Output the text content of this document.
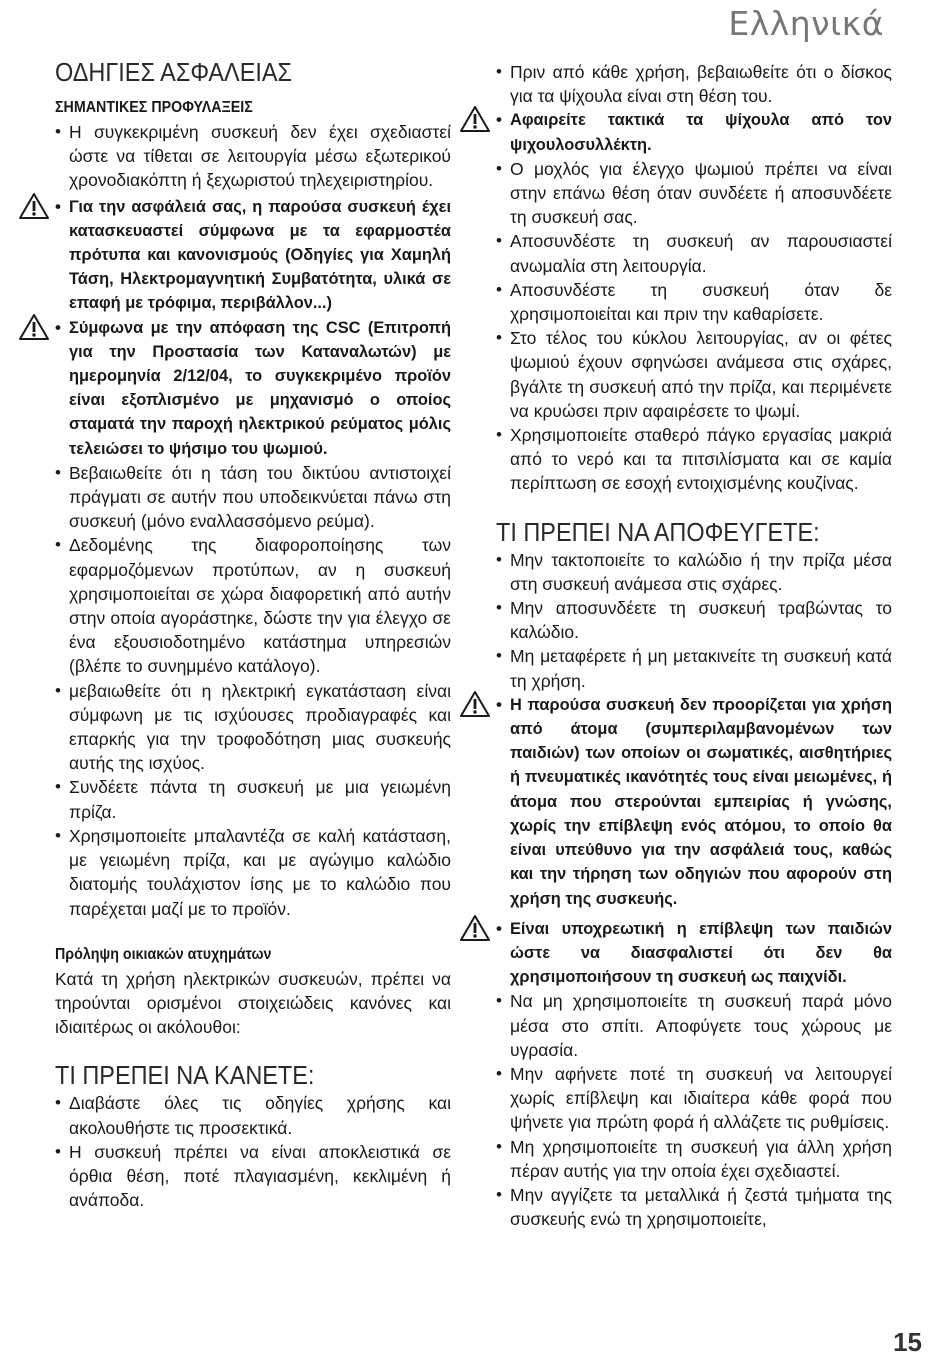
Ελληνικά
ΟΔΗΓΙΕΣ ΑΣΦΑΛΕΙΑΣ
ΣΗΜΑΝΤΙΚΕΣ ΠΡΟΦΥΛΑΞΕΙΣ
• Η συγκεκριμένη συσκευή δεν έχει σχεδιαστεί ώστε να τίθεται σε λειτουργία μέσω εξωτερικού χρονοδιακόπτη ή ξεχωριστού τηλεχειριστηρίου.
• Για την ασφάλειά σας, η παρούσα συσκευή έχει κατασκευαστεί σύμφωνα με τα εφαρμοστέα πρότυπα και κανονισμούς (Οδηγίες για Χαμηλή Τάση, Ηλεκτρομαγνητική Συμβατότητα, υλικά σε επαφή με τρόφιμα, περιβάλλον...)
• Σύμφωνα με την απόφαση της CSC (Επιτροπή για την Προστασία των Καταναλωτών) με ημερομηνία 2/12/04, το συγκεκριμένο προϊόν είναι εξοπλισμένο με μηχανισμό ο οποίος σταματά την παροχή ηλεκτρικού ρεύματος μόλις τελειώσει το ψήσιμο του ψωμιού.
• Βεβαιωθείτε ότι η τάση του δικτύου αντιστοιχεί πράγματι σε αυτήν που υποδεικνύεται πάνω στη συσκευή (μόνο εναλλασσόμενο ρεύμα).
• Δεδομένης της διαφοροποίησης των εφαρμοζόμενων προτύπων, αν η συσκευή χρησιμοποιείται σε χώρα διαφορετική από αυτήν στην οποία αγοράστηκε, δώστε την για έλεγχο σε ένα εξουσιοδοτημένο κατάστημα υπηρεσιών (βλέπε το συνημμένο κατάλογο).
• μεβαιωθείτε ότι η ηλεκτρική εγκατάσταση είναι σύμφωνη με τις ισχύουσες προδιαγραφές και επαρκής για την τροφοδότηση μιας συσκευής αυτής της ισχύος.
• Συνδέετε πάντα τη συσκευή με μια γειωμένη πρίζα.
• Χρησιμοποιείτε μπαλαντέζα σε καλή κατάσταση, με γειωμένη πρίζα, και με αγώγιμο καλώδιο διατομής τουλάχιστον ίσης με το καλώδιο που παρέχεται μαζί με το προϊόν.
Πρόληψη οικιακών ατυχημάτων
Κατά τη χρήση ηλεκτρικών συσκευών, πρέπει να τηρούνται ορισμένοι στοιχειώδεις κανόνες και ιδιαιτέρως οι ακόλουθοι:
ΤΙ ΠΡΕΠΕΙ ΝΑ ΚΑΝΕΤΕ:
• Διαβάστε όλες τις οδηγίες χρήσης και ακολουθήστε τις προσεκτικά.
• Η συσκευή πρέπει να είναι αποκλειστικά σε όρθια θέση, ποτέ πλαγιασμένη, κεκλιμένη ή ανάποδα.
• Πριν από κάθε χρήση, βεβαιωθείτε ότι ο δίσκος για τα ψίχουλα είναι στη θέση του.
• Αφαιρείτε τακτικά τα ψίχουλα από τον ψιχουλοσυλλέκτη.
• Ο μοχλός για έλεγχο ψωμιού πρέπει να είναι στην επάνω θέση όταν συνδέετε ή αποσυνδέετε τη συσκευή σας.
• Αποσυνδέστε τη συσκευή αν παρουσιαστεί ανωμαλία στη λειτουργία.
• Αποσυνδέστε τη συσκευή όταν δε χρησιμοποιείται και πριν την καθαρίσετε.
• Στο τέλος του κύκλου λειτουργίας, αν οι φέτες ψωμιού έχουν σφηνώσει ανάμεσα στις σχάρες, βγάλτε τη συσκευή από την πρίζα, και περιμένετε να κρυώσει πριν αφαιρέσετε το ψωμί.
• Χρησιμοποιείτε σταθερό πάγκο εργασίας μακριά από το νερό και τα πιτσιλίσματα και σε καμία περίπτωση σε εσοχή εντοιχισμένης κουζίνας.
ΤΙ ΠΡΕΠΕΙ ΝΑ ΑΠΟΦΕΥΓΕΤΕ:
• Μην τακτοποιείτε το καλώδιο ή την πρίζα μέσα στη συσκευή ανάμεσα στις σχάρες.
• Μην αποσυνδέετε τη συσκευή τραβώντας το καλώδιο.
• Μη μεταφέρετε ή μη μετακινείτε τη συσκευή κατά τη χρήση.
• Η παρούσα συσκευή δεν προορίζεται για χρήση από άτομα (συμπεριλαμβανομένων των παιδιών) των οποίων οι σωματικές, αισθητήριες ή πνευματικές ικανότητές τους είναι μειωμένες, ή άτομα που στερούνται εμπειρίας ή γνώσης, χωρίς την επίβλεψη ενός ατόμου, το οποίο θα είναι υπεύθυνο για την ασφάλειά τους, καθώς και την τήρηση των οδηγιών που αφορούν στη χρήση της συσκευής.
• Είναι υποχρεωτική η επίβλεψη των παιδιών ώστε να διασφαλιστεί ότι δεν θα χρησιμοποιήσουν τη συσκευή ως παιχνίδι.
• Να μη χρησιμοποιείτε τη συσκευή παρά μόνο μέσα στο σπίτι. Αποφύγετε τους χώρους με υγρασία.
• Μην αφήνετε ποτέ τη συσκευή να λειτουργεί χωρίς επίβλεψη και ιδιαίτερα κάθε φορά που ψήνετε για πρώτη φορά ή αλλάζετε τις ρυθμίσεις.
• Μη χρησιμοποιείτε τη συσκευή για άλλη χρήση πέραν αυτής για την οποία έχει σχεδιαστεί.
• Μην αγγίζετε τα μεταλλικά ή ζεστά τμήματα της συσκευής ενώ τη χρησιμοποιείτε,
15
